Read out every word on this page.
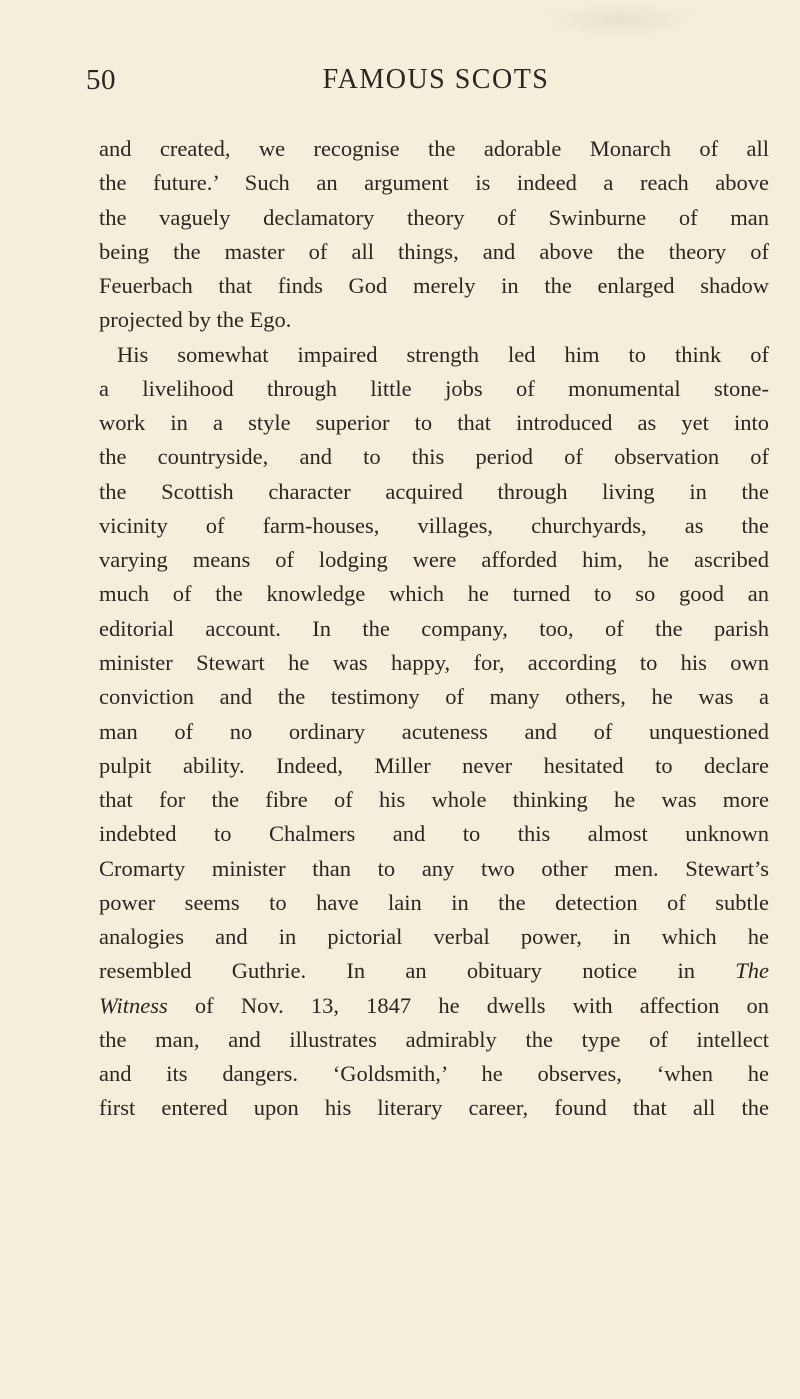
50	FAMOUS SCOTS
and created, we recognise the adorable Monarch of all
the future.’ Such an argument is indeed a reach above
the vaguely declamatory theory of Swinburne of man
being the master of all things, and above the theory of
Feuerbach that finds God merely in the enlarged shadow
projected by the Ego.
His somewhat impaired strength led him to think of
a livelihood through little jobs of monumental stone-
work in a style superior to that introduced as yet into
the countryside, and to this period of observation of
the Scottish character acquired through living in the
vicinity of farm-houses, villages, churchyards, as the
varying means of lodging were afforded him, he ascribed
much of the knowledge which he turned to so good an
editorial account. In the company, too, of the parish
minister Stewart he was happy, for, according to his own
conviction and the testimony of many others, he was a
man of no ordinary acuteness and of unquestioned
pulpit ability. Indeed, Miller never hesitated to declare
that for the fibre of his whole thinking he was more
indebted to Chalmers and to this almost unknown
Cromarty minister than to any two other men. Stewart’s
power seems to have lain in the detection of subtle
analogies and in pictorial verbal power, in which he
resembled Guthrie. In an obituary notice in The
Witness of Nov. 13, 1847 he dwells with affection on
the man, and illustrates admirably the type of intellect
and its dangers. ‘Goldsmith,’ he observes, ‘when he
first entered upon his literary career, found that all the
